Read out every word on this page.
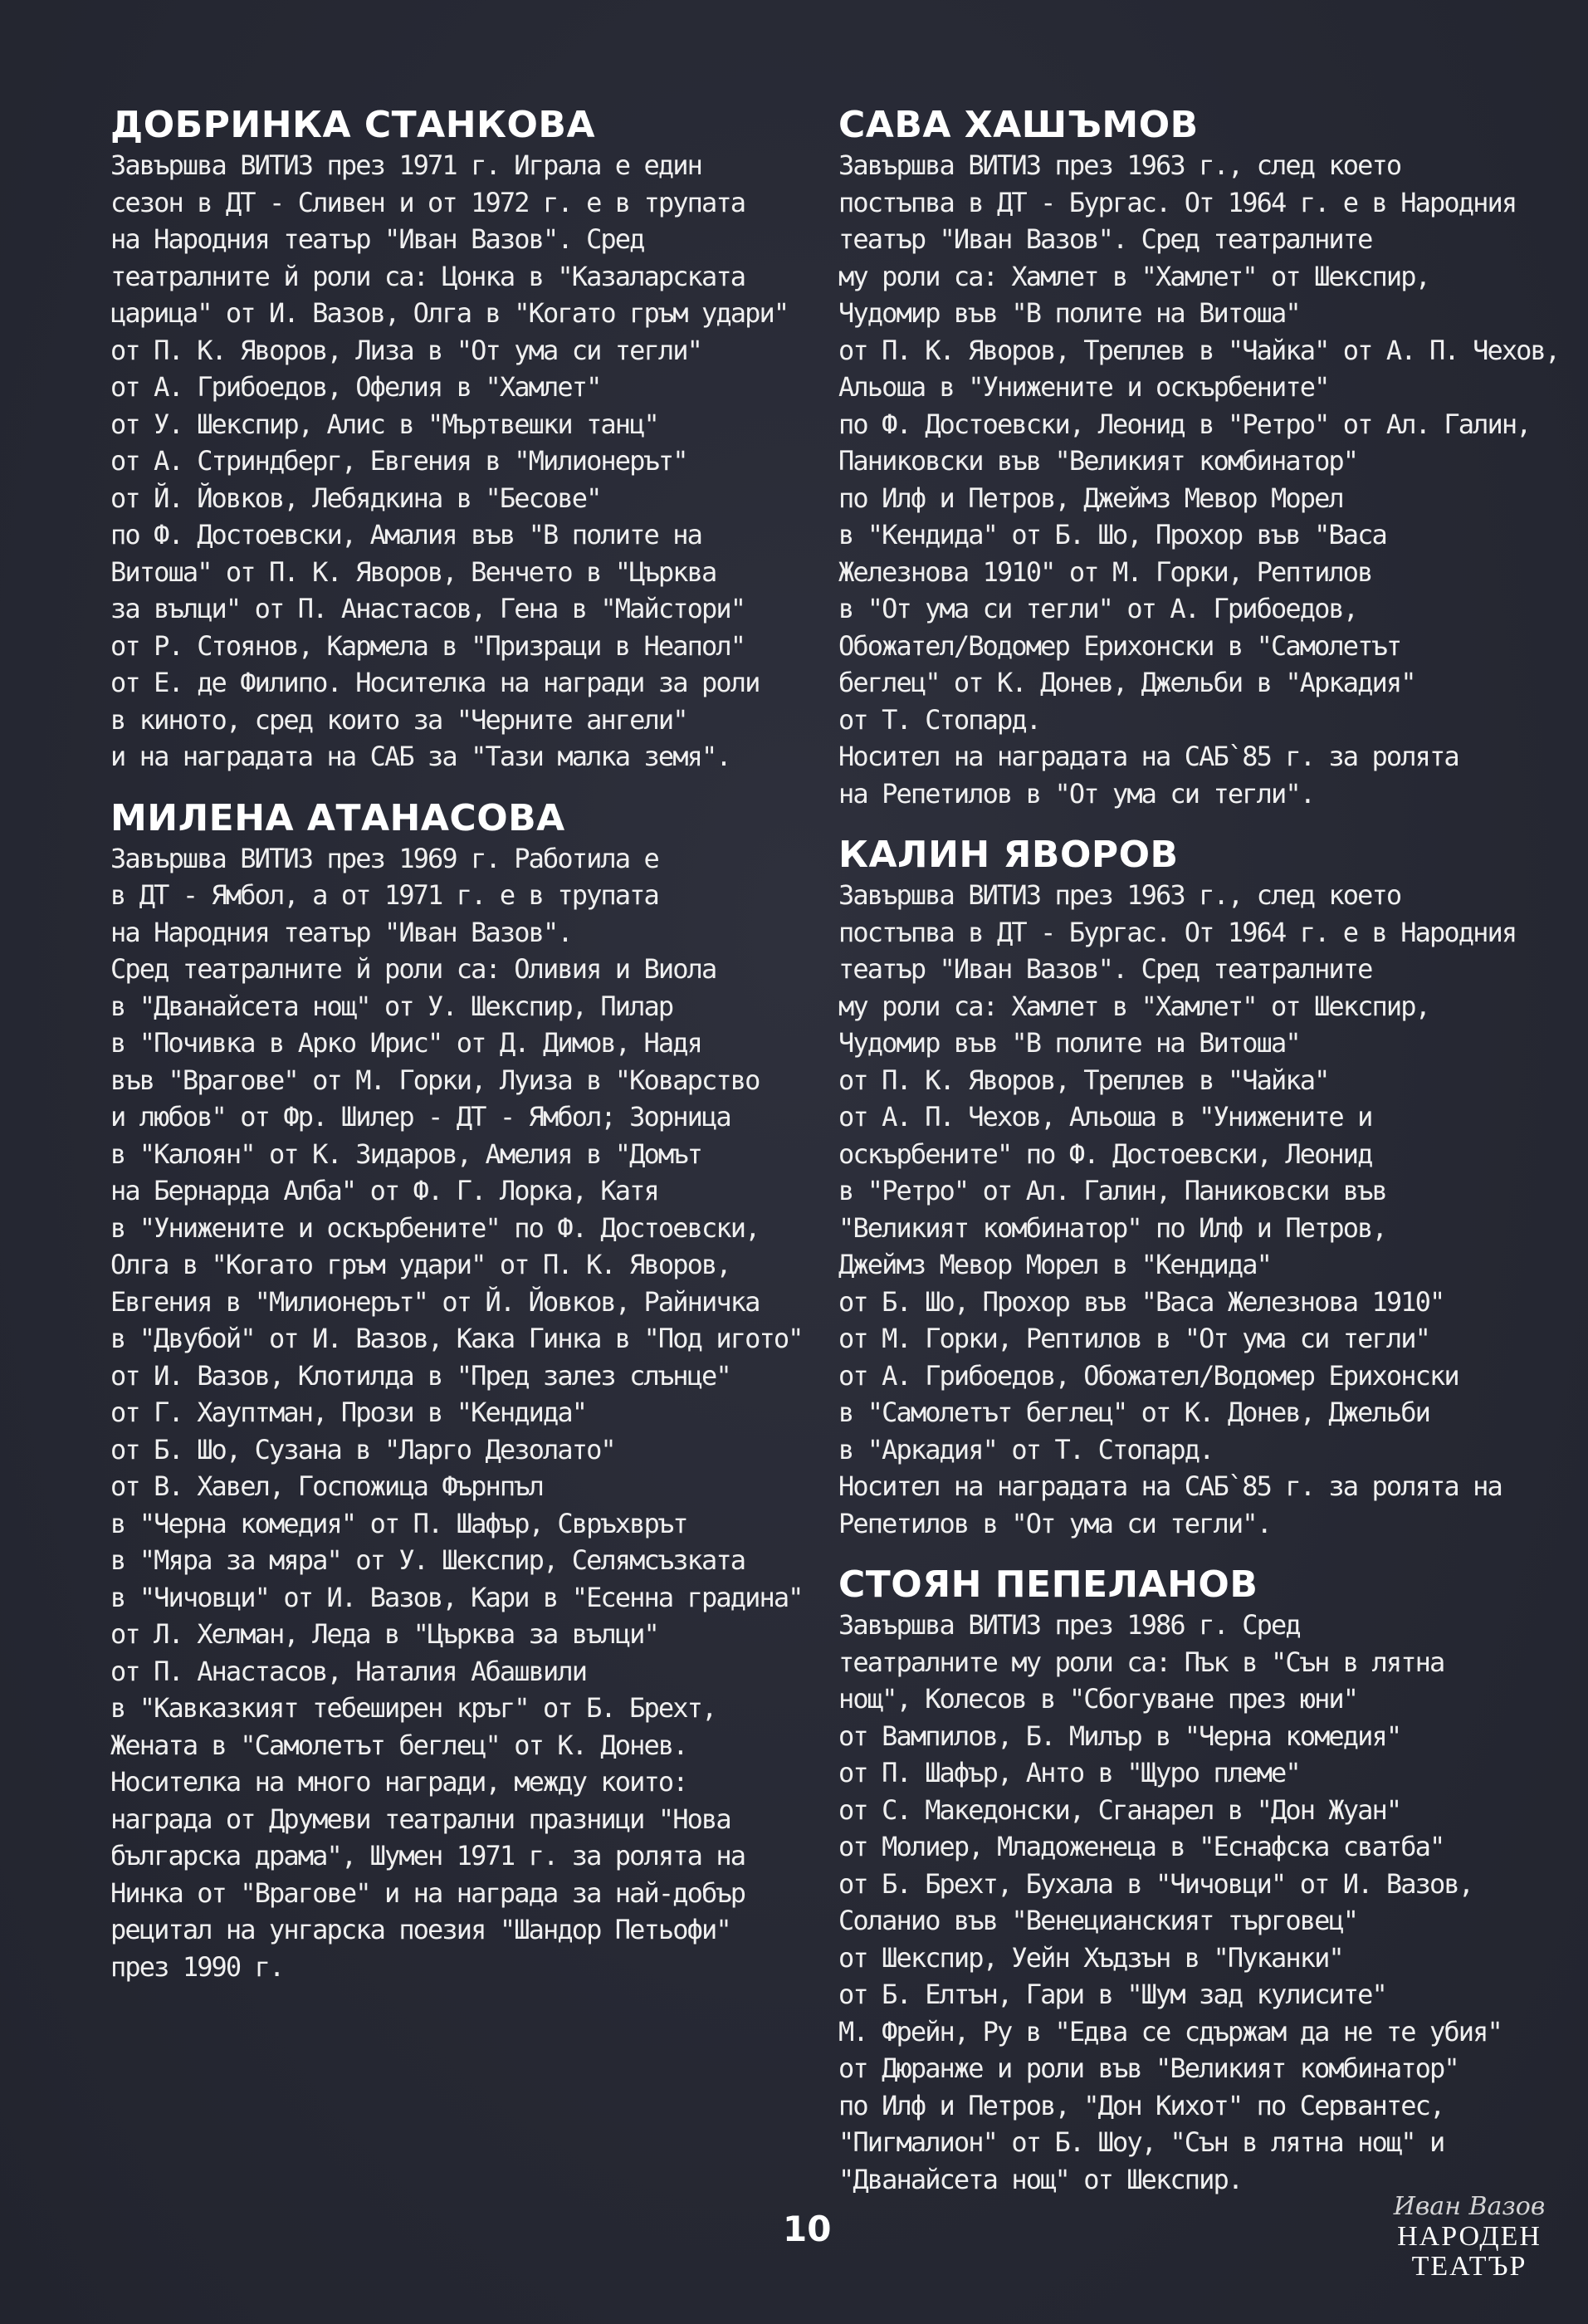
ДОБРИНКА СТАНКОВА
Завършва ВИТИЗ през 1971 г. Играла е един
сезон в ДТ - Сливен и от 1972 г. е в трупата
на Народния театър "Иван Вазов". Сред
театралните й роли са: Цонка в "Казаларската
царица" от И. Вазов, Олга в "Когато гръм удари"
от П. К. Яворов, Лиза в "От ума си тегли"
от А. Грибоедов, Офелия в "Хамлет"
от У. Шекспир, Алис в "Мъртвешки танц"
от А. Стриндберг, Евгения в "Милионерът"
от Й. Йовков, Лебядкина в "Бесове"
по Ф. Достоевски, Амалия във "В полите на
Витоша" от П. К. Яворов, Венчето в "Църква
за вълци" от П. Анастасов, Гена в "Майстори"
от Р. Стоянов, Кармела в "Призраци в Неапол"
от Е. де Филипо. Носителка на награди за роли
в киното, сред които за "Черните ангели"
и на наградата на САБ за "Тази малка земя".
МИЛЕНА АТАНАСОВА
Завършва ВИТИЗ през 1969 г. Работила е
в ДТ - Ямбол, а от 1971 г. е в трупата
на Народния театър "Иван Вазов".
Сред театралните й роли са: Оливия и Виола
в "Дванайсета нощ" от У. Шекспир, Пилар
в "Почивка в Арко Ирис" от Д. Димов, Надя
във "Врагове" от М. Горки, Луиза в "Коварство
и любов" от Фр. Шилер - ДТ - Ямбол; Зорница
в "Калоян" от К. Зидаров, Амелия в "Домът
на Бернарда Алба" от Ф. Г. Лорка, Катя
в "Унижените и оскърбените" по Ф. Достоевски,
Олга в "Когато гръм удари" от П. К. Яворов,
Евгения в "Милионерът" от Й. Йовков, Райничка
в "Двубой" от И. Вазов, Кака Гинка в "Под игото"
от И. Вазов, Клотилда в "Пред залез слънце"
от Г. Хауптман, Прози в "Кендида"
от Б. Шо, Сузана в "Ларго Дезолато"
от В. Хавел, Госпожица Фърнпъл
в "Черна комедия" от П. Шафър, Свръхврът
в "Мяра за мяра" от У. Шекспир, Селямсъзката
в "Чичовци" от И. Вазов, Кари в "Есенна градина"
от Л. Хелман, Леда в "Църква за вълци"
от П. Анастасов, Наталия Абашвили
в "Кавказкият тебеширен кръг" от Б. Брехт,
Жената в "Самолетът беглец" от К. Донев.
Носителка на много награди, между които:
награда от Друмеви театрални празници "Нова
българска драма", Шумен 1971 г. за ролята на
Нинка от "Врагове" и на награда за най-добър
рецитал на унгарска поезия "Шандор Петьофи"
през 1990 г.
САВА ХАШЪМОВ
Завършва ВИТИЗ през 1963 г., след което
постъпва в ДТ - Бургас. От 1964 г. е в Народния
театър "Иван Вазов". Сред театралните
му роли са: Хамлет в "Хамлет" от Шекспир,
Чудомир във "В полите на Витоша"
от П. К. Яворов, Треплев в "Чайка" от А. П. Чехов,
Альоша в "Унижените и оскърбените"
по Ф. Достоевски, Леонид в "Ретро" от Ал. Галин,
Паниковски във "Великият комбинатор"
по Илф и Петров, Джеймз Мевор Морел
в "Кендида" от Б. Шо, Прохор във "Васа
Железнова 1910" от М. Горки, Рептилов
в "От ума си тегли" от А. Грибоедов,
Обожател/Водомер Ерихонски в "Самолетът
беглец" от К. Донев, Джельби в "Аркадия"
от Т. Стопард.
Носител на наградата на САБ`85 г. за ролята
на Репетилов в "От ума си тегли".
КАЛИН ЯВОРОВ
Завършва ВИТИЗ през 1963 г., след което
постъпва в ДТ - Бургас. От 1964 г. е в Народния
театър "Иван Вазов". Сред театралните
му роли са: Хамлет в "Хамлет" от Шекспир,
Чудомир във "В полите на Витоша"
от П. К. Яворов, Треплев в "Чайка"
от А. П. Чехов, Альоша в "Унижените и
оскърбените" по Ф. Достоевски, Леонид
в "Ретро" от Ал. Галин, Паниковски във
"Великият комбинатор" по Илф и Петров,
Джеймз Мевор Морел в "Кендида"
от Б. Шо, Прохор във "Васа Железнова 1910"
от М. Горки, Рептилов в "От ума си тегли"
от А. Грибоедов, Обожател/Водомер Ерихонски
в "Самолетът беглец" от К. Донев, Джельби
в "Аркадия" от Т. Стопард.
Носител на наградата на САБ`85 г. за ролята на
Репетилов в "От ума си тегли".
СТОЯН ПЕПЕЛАНОВ
Завършва ВИТИЗ през 1986 г. Сред
театралните му роли са: Пък в "Сън в лятна
нощ", Колесов в "Сбогуване през юни"
от Вампилов, Б. Милър в "Черна комедия"
от П. Шафър, Анто в "Щуро племе"
от С. Македонски, Сганарел в "Дон Жуан"
от Молиер, Младоженеца в "Еснафска сватба"
от Б. Брехт, Бухала в "Чичовци" от И. Вазов,
Соланио във "Венецианският търговец"
от Шекспир, Уейн Хъдзън в "Пуканки"
от Б. Елтън, Гари в "Шум зад кулисите"
М. Фрейн, Ру в "Едва се сдържам да не те убия"
от Дюранже и роли във "Великият комбинатор"
по Илф и Петров, "Дон Кихот" по Сервантес,
"Пигмалион" от Б. Шоу, "Сън в лятна нощ" и
"Дванайсета нощ" от Шекспир.
10
Иван Вазов
НАРОДЕН
ТЕАТЪР
